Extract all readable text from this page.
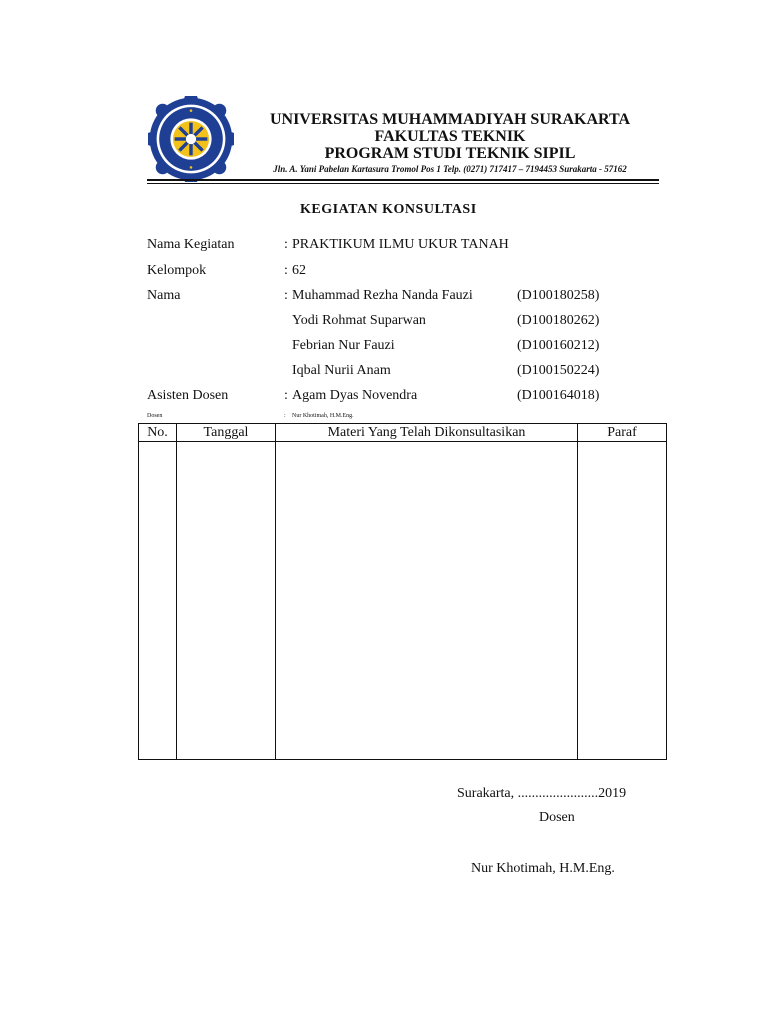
UNIVERSITAS MUHAMMADIYAH SURAKARTA
FAKULTAS TEKNIK
PROGRAM STUDI TEKNIK SIPIL
Jln. A. Yani Pabelan Kartasura Tromol Pos 1 Telp. (0271) 717417 – 7194453 Surakarta - 57162
KEGIATAN KONSULTASI
Nama Kegiatan	: PRAKTIKUM ILMU UKUR TANAH
Kelompok	: 62
Nama	: Muhammad Rezha Nanda Fauzi	(D100180258)
Yodi Rohmat Suparwan	(D100180262)
Febrian Nur Fauzi	(D100160212)
Iqbal Nurii Anam	(D100150224)
Asisten Dosen	: Agam Dyas Novendra	(D100164018)
Dosen	: Nur Khotimah, H.M.Eng.
No.	Tanggal	Materi Yang Telah Dikonsultasikan	Paraf

Surakarta, .......................2019
Dosen
Nur Khotimah, H.M.Eng.
